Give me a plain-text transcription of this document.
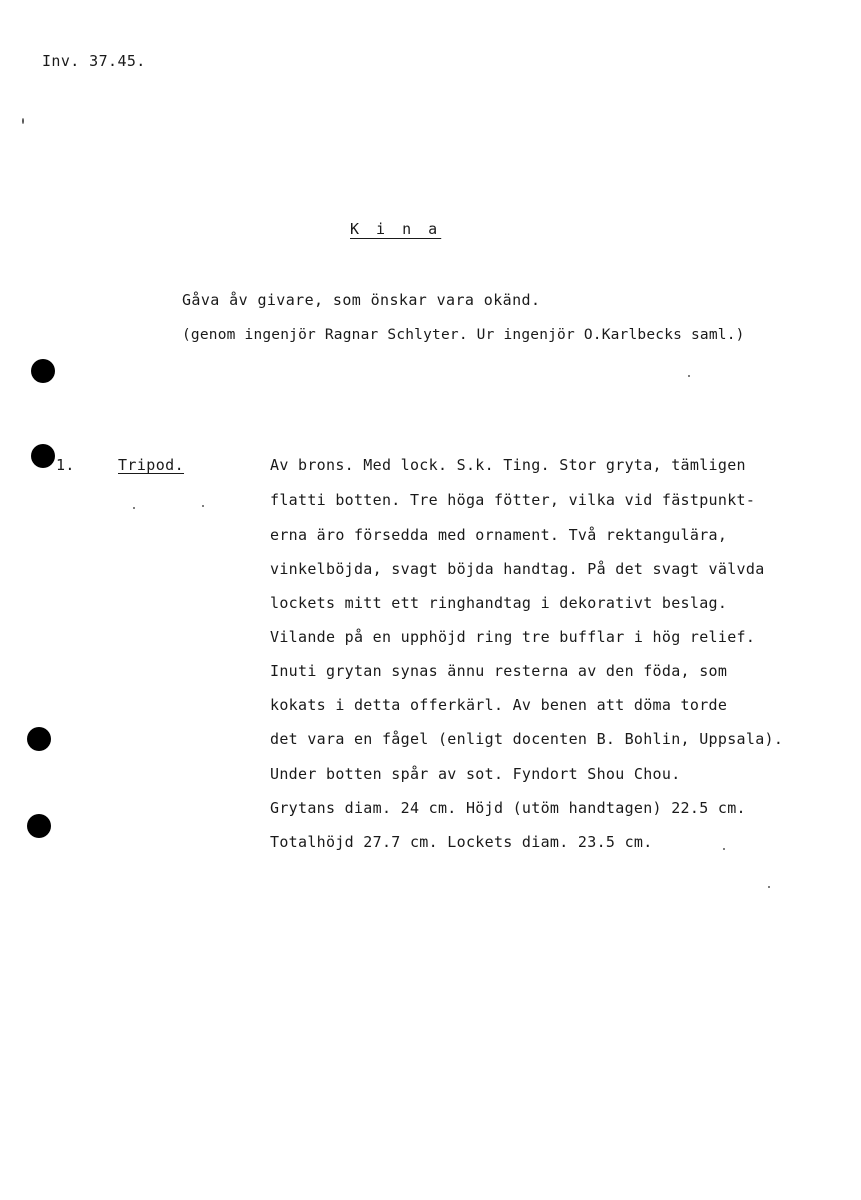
Inv. 37.45.
K i n a
Gåva åv givare, som önskar vara okänd.
(genom ingenjör Ragnar Schlyter. Ur ingenjör O.Karlbecks saml.)
1.	Tripod.	Av brons. Med lock. S.k. Ting. Stor gryta, tämligen
flatti botten. Tre höga fötter, vilka vid fästpunkt-
erna äro försedda med ornament. Två rektangulära,
vinkelböjda, svagt böjda handtag. På det svagt välvda
lockets mitt ett ringhandtag i dekorativt beslag.
Vilande på en upphöjd ring tre bufflar i hög relief.
Inuti grytan synas ännu resterna av den föda, som
kokats i detta offerkärl. Av benen att döma torde
det vara en fågel (enligt docenten B. Bohlin, Uppsala).
Under botten spår av sot. Fyndort Shou Chou.
Grytans diam. 24 cm. Höjd (utöm handtagen) 22.5 cm.
Totalhöjd 27.7 cm. Lockets diam. 23.5 cm.
